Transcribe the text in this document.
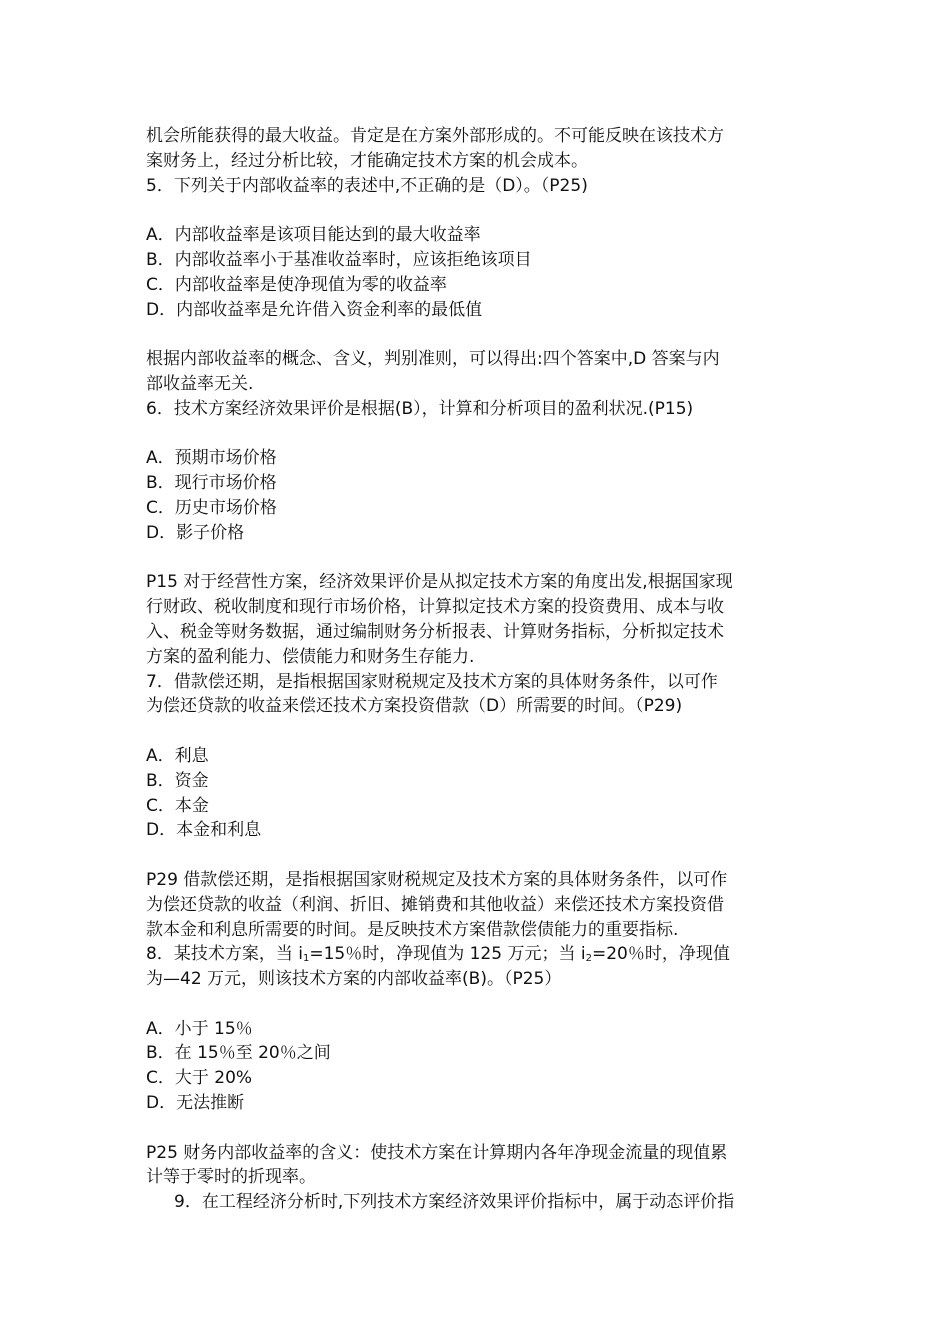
机会所能获得的最大收益。肯定是在方案外部形成的。不可能反映在该技术方
案财务上，经过分析比较，才能确定技术方案的机会成本。
5．下列关于内部收益率的表述中,不正确的是（D）。（P25)
A．内部收益率是该项目能达到的最大收益率
B．内部收益率小于基准收益率时，应该拒绝该项目
C．内部收益率是使净现值为零的收益率
D．内部收益率是允许借入资金利率的最低值
根据内部收益率的概念、含义，判别准则，可以得出:四个答案中,D 答案与内
部收益率无关.
6．技术方案经济效果评价是根据(B），计算和分析项目的盈利状况.(P15)
A．预期市场价格
B．现行市场价格
C．历史市场价格
D．影子价格
P15 对于经营性方案，经济效果评价是从拟定技术方案的角度出发,根据国家现
行财政、税收制度和现行市场价格，计算拟定技术方案的投资费用、成本与收
入、税金等财务数据，通过编制财务分析报表、计算财务指标，分析拟定技术
方案的盈利能力、偿债能力和财务生存能力.
7．借款偿还期，是指根据国家财税规定及技术方案的具体财务条件，以可作
为偿还贷款的收益来偿还技术方案投资借款（D）所需要的时间。（P29)
A．利息
B．资金
C．本金
D．本金和利息
P29 借款偿还期，是指根据国家财税规定及技术方案的具体财务条件，以可作
为偿还贷款的收益（利润、折旧、摊销费和其他收益）来偿还技术方案投资借
款本金和利息所需要的时间。是反映技术方案借款偿债能力的重要指标.
8．某技术方案，当 $i_1=15$％时，净现值为 125 万元；当 $i_2=20$％时，净现值
为—42 万元，则该技术方案的内部收益率(B)。（P25）
A．小于 15％
B．在 15％至 20％之间
C．大于 20%
D．无法推断
P25 财务内部收益率的含义：使技术方案在计算期内各年净现金流量的现值累
计等于零时的折现率。
9．在工程经济分析时,下列技术方案经济效果评价指标中，属于动态评价指
